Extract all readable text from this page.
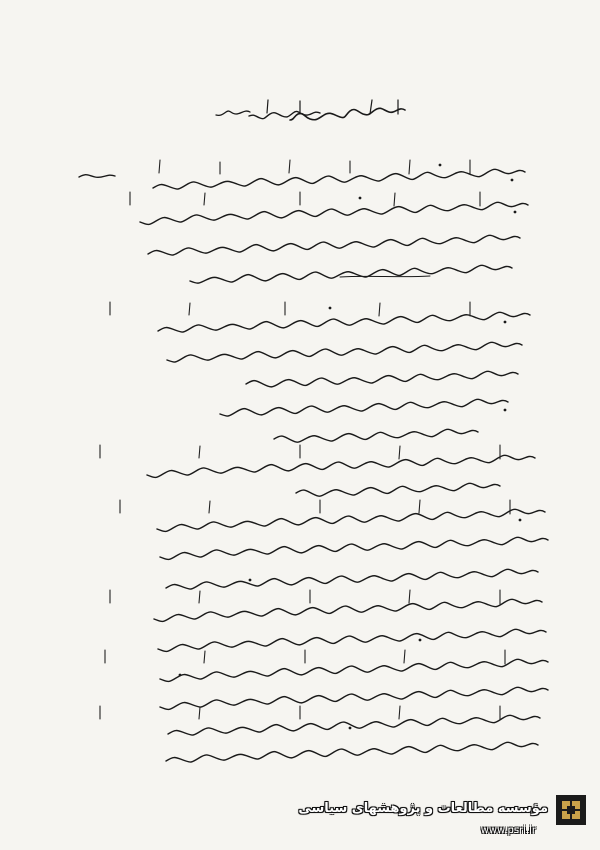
مؤسسه مطالعات و پژوهشهای سیاسی
www.psri.ir
